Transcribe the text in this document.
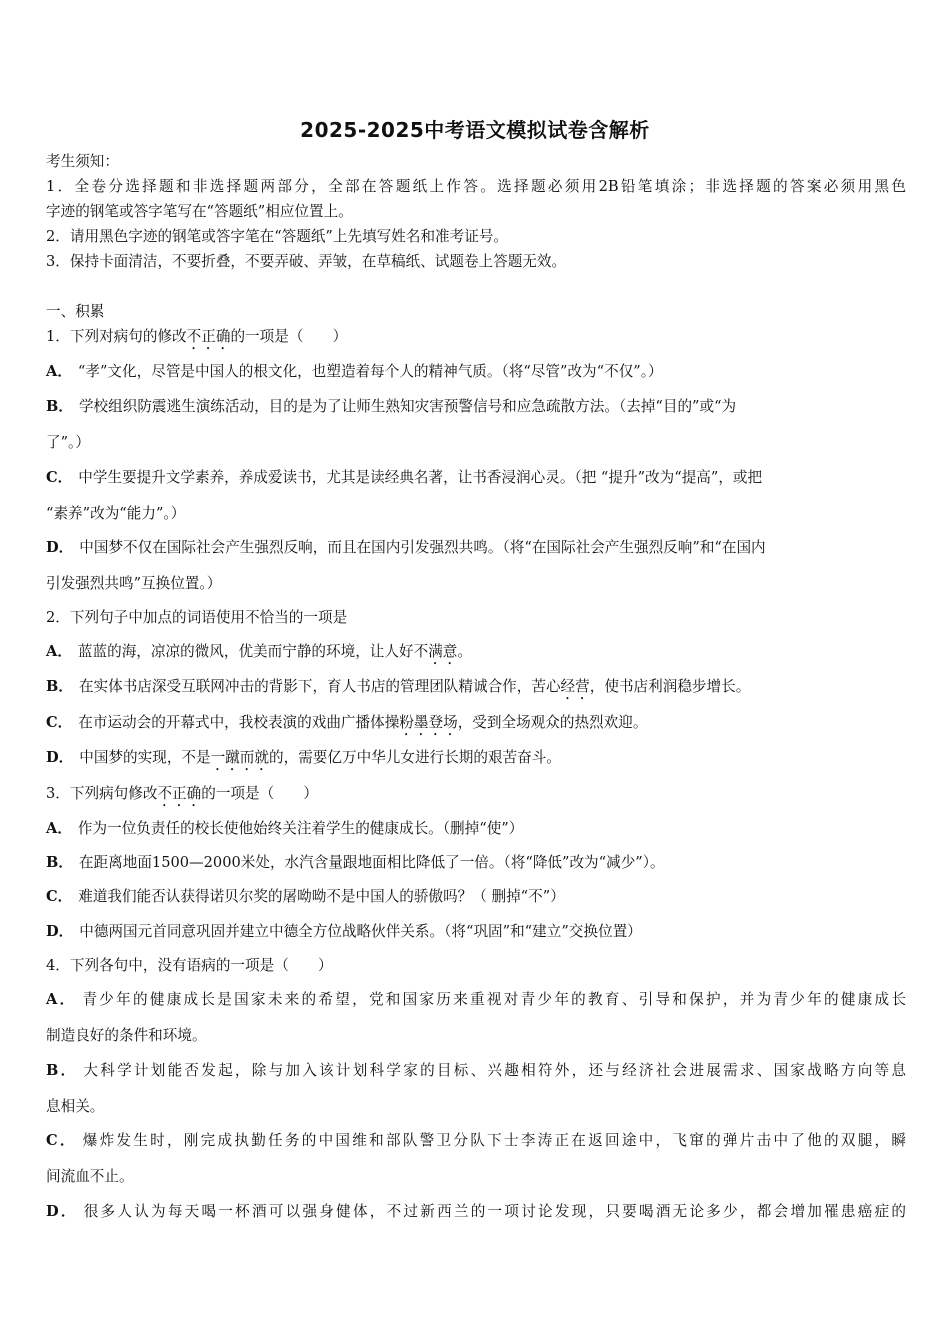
2025-2025中考语文模拟试卷含解析
考生须知：
1．全卷分选择题和非选择题两部分，全部在答题纸上作答。选择题必须用2B铅笔填涂；非选择题的答案必须用黑色
字迹的钢笔或答字笔写在“答题纸”相应位置上。
2．请用黑色字迹的钢笔或答字笔在“答题纸”上先填写姓名和准考证号。
3．保持卡面清洁，不要折叠，不要弄破、弄皱，在草稿纸、试题卷上答题无效。
一、积累
1．下列对病句的修改不正确的一项是（　　）
A． “孝”文化，尽管是中国人的根文化，也塑造着每个人的精神气质。（将“尽管”改为“不仅”。）
B． 学校组织防震逃生演练活动，目的是为了让师生熟知灾害预警信号和应急疏散方法。（去掉“目的”或“为
了”。）
C． 中学生要提升文学素养，养成爱读书，尤其是读经典名著，让书香浸润心灵。（把 “提升”改为“提高”，或把
“素养”改为“能力”。）
D． 中国梦不仅在国际社会产生强烈反响，而且在国内引发强烈共鸣。（将“在国际社会产生强烈反响”和“在国内
引发强烈共鸣”互换位置。）
2．下列句子中加点的词语使用不恰当的一项是
A． 蓝蓝的海，凉凉的微风，优美而宁静的环境，让人好不满意。
B． 在实体书店深受互联网冲击的背影下，育人书店的管理团队精诚合作，苦心经营，使书店利润稳步增长。
C． 在市运动会的开幕式中，我校表演的戏曲广播体操粉墨登场，受到全场观众的热烈欢迎。
D． 中国梦的实现，不是一蹴而就的，需要亿万中华儿女进行长期的艰苦奋斗。
3．下列病句修改不正确的一项是（　　）
A． 作为一位负责任的校长使他始终关注着学生的健康成长。（删掉“使”）
B． 在距离地面1500—2000米处，水汽含量跟地面相比降低了一倍。（将“降低”改为“减少”）。
C． 难道我们能否认获得诺贝尔奖的屠呦呦不是中国人的骄傲吗？（ 删掉“不”）
D． 中德两国元首同意巩固并建立中德全方位战略伙伴关系。（将“巩固”和“建立”交换位置）
4．下列各句中，没有语病的一项是（　　）
A． 青少年的健康成长是国家未来的希望，党和国家历来重视对青少年的教育、引导和保护，并为青少年的健康成长
制造良好的条件和环境。
B． 大科学计划能否发起，除与加入该计划科学家的目标、兴趣相符外，还与经济社会进展需求、国家战略方向等息
息相关。
C． 爆炸发生时，刚完成执勤任务的中国维和部队警卫分队下士李涛正在返回途中，飞窜的弹片击中了他的双腿，瞬
间流血不止。
D． 很多人认为每天喝一杯酒可以强身健体，不过新西兰的一项讨论发现，只要喝酒无论多少，都会增加罹患癌症的
